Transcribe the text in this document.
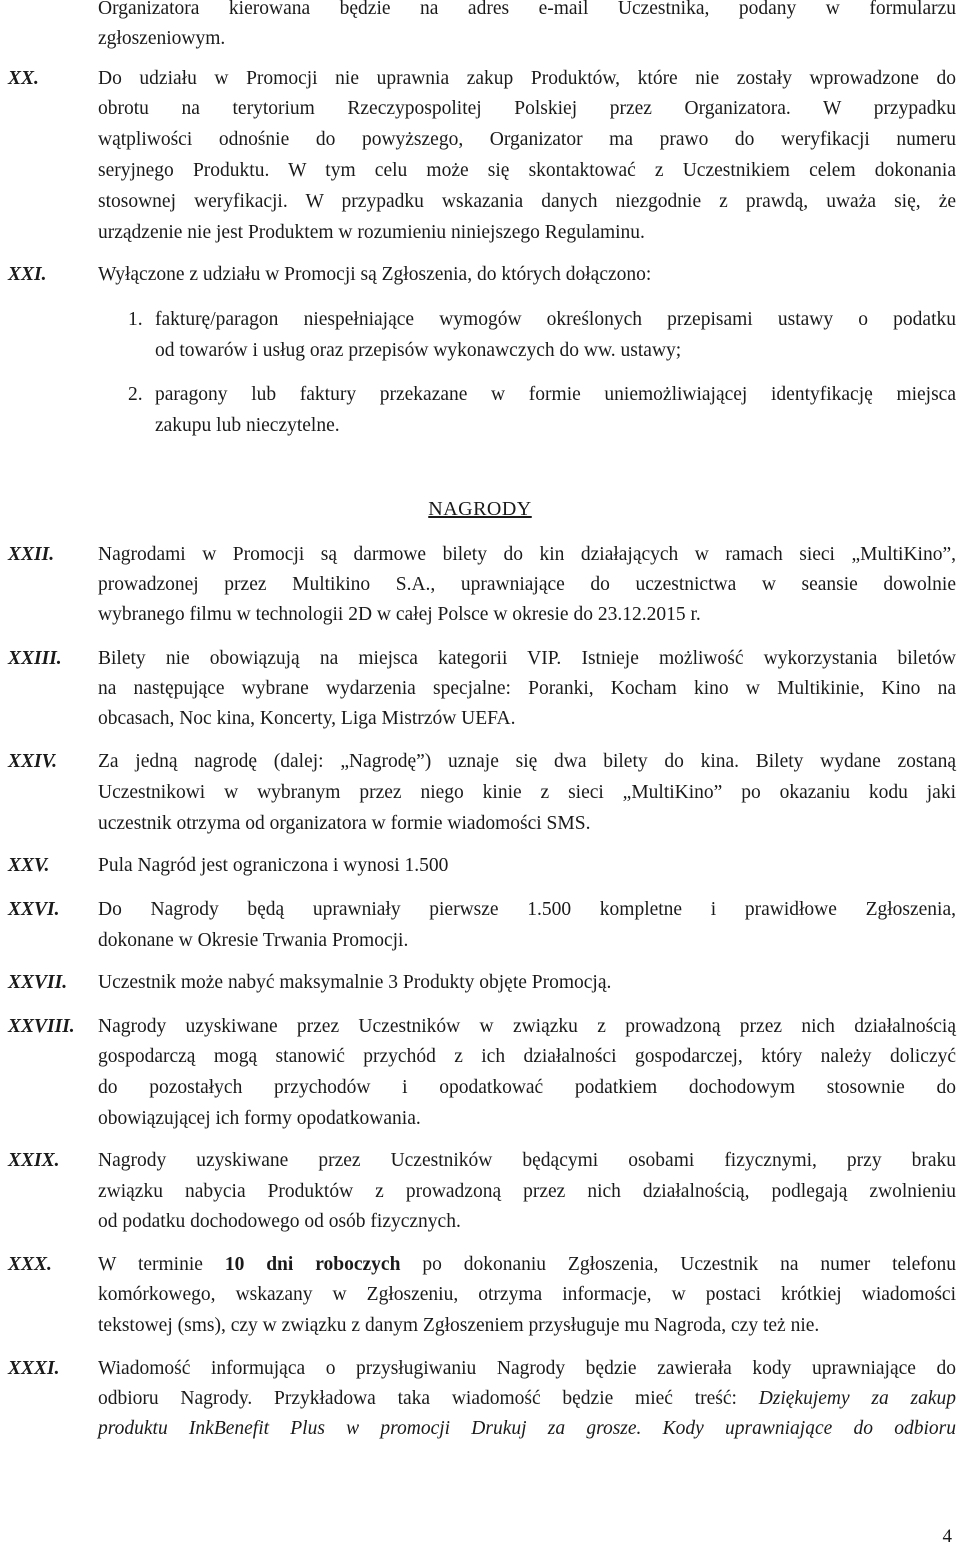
Organizatora kierowana będzie na adres e-mail Uczestnika, podany w formularzu
zgłoszeniowym.
XX.	Do udziału w Promocji nie uprawnia zakup Produktów, które nie zostały wprowadzone do
obrotu na terytorium Rzeczypospolitej Polskiej przez Organizatora. W przypadku
wątpliwości odnośnie do powyższego, Organizator ma prawo do weryfikacji numeru
seryjnego Produktu. W tym celu może się skontaktować z Uczestnikiem celem dokonania
stosownej weryfikacji. W przypadku wskazania danych niezgodnie z prawdą, uważa się, że
urządzenie nie jest Produktem w rozumieniu niniejszego Regulaminu.
XXI.	Wyłączone z udziału w Promocji są Zgłoszenia, do których dołączono:
1. fakturę/paragon niespełniające wymogów określonych przepisami ustawy o podatku
od towarów i usług oraz przepisów wykonawczych do ww. ustawy;
2. paragony lub faktury przekazane w formie uniemożliwiającej identyfikację miejsca
zakupu lub nieczytelne.
NAGRODY
XXII. Nagrodami w Promocji są darmowe bilety do kin działających w ramach sieci „MultiKino”,
prowadzonej przez Multikino S.A., uprawniające do uczestnictwa w seansie dowolnie
wybranego filmu w technologii 2D w całej Polsce w okresie do 23.12.2015 r.
XXIII. Bilety nie obowiązują na miejsca kategorii VIP. Istnieje możliwość wykorzystania biletów
na następujące wybrane wydarzenia specjalne: Poranki, Kocham kino w Multikinie, Kino na
obcasach, Noc kina, Koncerty, Liga Mistrzów UEFA.
XXIV. Za jedną nagrodę (dalej: „Nagrodę”) uznaje się dwa bilety do kina. Bilety wydane zostaną
Uczestnikowi w wybranym przez niego kinie z sieci „MultiKino” po okazaniu kodu jaki
uczestnik otrzyma od organizatora w formie wiadomości SMS.
XXV. Pula Nagród jest ograniczona i wynosi 1.500
XXVI. Do Nagrody będą uprawniały pierwsze 1.500 kompletne i prawidłowe Zgłoszenia,
dokonane w Okresie Trwania Promocji.
XXVII. Uczestnik może nabyć maksymalnie 3 Produkty objęte Promocją.
XXVIII. Nagrody uzyskiwane przez Uczestników w związku z prowadzoną przez nich działalnością
gospodarczą mogą stanowić przychód z ich działalności gospodarczej, który należy doliczyć
do pozostałych przychodów i opodatkować podatkiem dochodowym stosownie do
obowiązującej ich formy opodatkowania.
XXIX. Nagrody uzyskiwane przez Uczestników będącymi osobami fizycznymi, przy braku
związku nabycia Produktów z prowadzoną przez nich działalnością, podlegają zwolnieniu
od podatku dochodowego od osób fizycznych.
XXX. W terminie 10 dni roboczych po dokonaniu Zgłoszenia, Uczestnik na numer telefonu
komórkowego, wskazany w Zgłoszeniu, otrzyma informacje, w postaci krótkiej wiadomości
tekstowej (sms), czy w związku z danym Zgłoszeniem przysługuje mu Nagroda, czy też nie.
XXXI. Wiadomość informująca o przysługiwaniu Nagrody będzie zawierała kody uprawniające do
odbioru Nagrody. Przykładowa taka wiadomość będzie mieć treść: Dziękujemy za zakup
produktu InkBenefit Plus w promocji Drukuj za grosze. Kody uprawniające do odbioru
4
